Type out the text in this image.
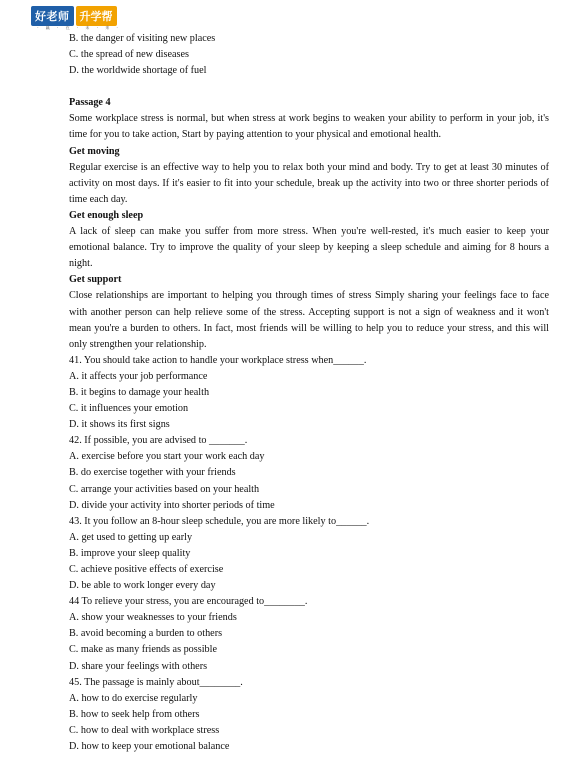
好老师 升学帮
· 赢 · 在 · 未 · 来 ·
B. the danger of visiting new places
C. the spread of new diseases
D. the worldwide shortage of fuel
Passage 4
Some workplace stress is normal, but when stress at work begins to weaken your ability to perform in your job, it's time for you to take action, Start by paying attention to your physical and emotional health.
Get moving
Regular exercise is an effective way to help you to relax both your mind and body. Try to get at least 30 minutes of activity on most days. If it's easier to fit into your schedule, break up the activity into two or three shorter periods of time each day.
Get enough sleep
A lack of sleep can make you suffer from more stress. When you're well-rested, it's much easier to keep your emotional balance. Try to improve the quality of your sleep by keeping a sleep schedule and aiming for 8 hours a night.
Get support
Close relationships are important to helping you through times of stress Simply sharing your feelings face to face with another person can help relieve some of the stress. Accepting support is not a sign of weakness and it won't mean you're a burden to others. In fact, most friends will be willing to help you to reduce your stress, and this will only strengthen your relationship.
41. You should take action to handle your workplace stress when______.
A. it affects your job performance
B. it begins to damage your health
C. it influences your emotion
D. it shows its first signs
42. If possible, you are advised to _______.
A. exercise before you start your work each day
B. do exercise together with your friends
C. arrange your activities based on your health
D. divide your activity into shorter periods of time
43. It you follow an 8-hour sleep schedule, you are more likely to______.
A. get used to getting up early
B. improve your sleep quality
C. achieve positive effects of exercise
D. be able to work longer every day
44 To relieve your stress, you are encouraged to________.
A. show your weaknesses to your friends
B. avoid becoming a burden to others
C. make as many friends as possible
D. share your feelings with others
45. The passage is mainly about________.
A. how to do exercise regularly
B. how to seek help from others
C. how to deal with workplace stress
D. how to keep your emotional balance
